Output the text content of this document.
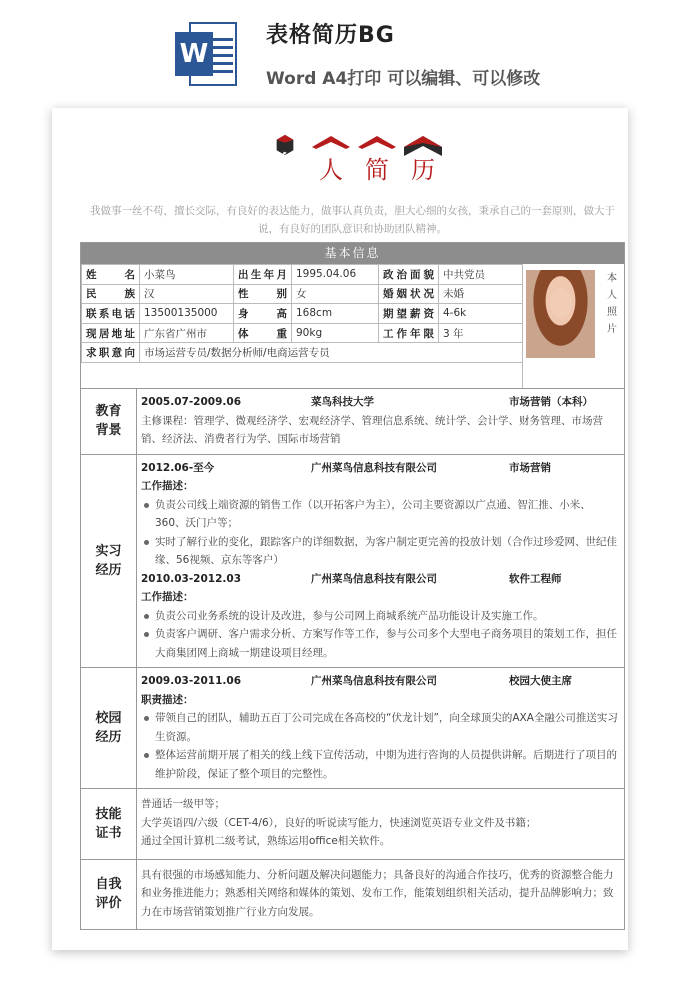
W
表格简历BG
Word A4打印 可以编辑、可以修改
个 人 简 历
我做事一丝不苟，擅长交际，有良好的表达能力，做事认真负责，胆大心细的女孩，秉承自己的一套原则，做大于说，有良好的团队意识和协助团队精神。
基本信息
姓　名	小菜鸟	出生年月	1995.04.06	政治面貌	中共党员
民　族	汉	性　别	女	婚姻状况	未婚
联系电话	13500135000	身　高	168cm	期望薪资	4-6k
现居地址	广东省广州市	体　重	90kg	工作年限	3 年
求职意向	市场运营专员/数据分析师/电商运营专员				
本人照片
教育背景
2005.07-2009.06	菜鸟科技大学	市场营销（本科）
主修课程：管理学、微观经济学、宏观经济学、管理信息系统、统计学、会计学、财务管理、市场营销、经济法、消费者行为学、国际市场营销
实习经历
2012.06-至今	广州菜鸟信息科技有限公司	市场营销
工作描述：
负责公司线上端资源的销售工作（以开拓客户为主），公司主要资源以广点通、智汇推、小米、360、沃门户等；
实时了解行业的变化，跟踪客户的详细数据，为客户制定更完善的投放计划（合作过珍爱网、世纪佳缘、56视频、京东等客户）
2010.03-2012.03	广州菜鸟信息科技有限公司	软件工程师
工作描述：
负责公司业务系统的设计及改进，参与公司网上商城系统产品功能设计及实施工作。
负责客户调研、客户需求分析、方案写作等工作，参与公司多个大型电子商务项目的策划工作，担任大商集团网上商城一期建设项目经理。
校园经历
2009.03-2011.06	广州菜鸟信息科技有限公司	校园大使主席
职责描述：
带领自己的团队，辅助五百丁公司完成在各高校的“伏龙计划”，向全球顶尖的AXA全融公司推送实习生资源。
整体运营前期开展了相关的线上线下宣传活动，中期为进行咨询的人员提供讲解。后期进行了项目的维护阶段，保证了整个项目的完整性。
技能证书
普通话一级甲等；
大学英语四/六级（CET-4/6），良好的听说读写能力，快速浏览英语专业文件及书籍；
通过全国计算机二级考试，熟练运用office相关软件。
自我评价
具有很强的市场感知能力、分析问题及解决问题能力；具备良好的沟通合作技巧，优秀的资源整合能力和业务推进能力；熟悉相关网络和媒体的策划、发布工作，能策划组织相关活动，提升品牌影响力；致力在市场营销策划推广行业方向发展。
